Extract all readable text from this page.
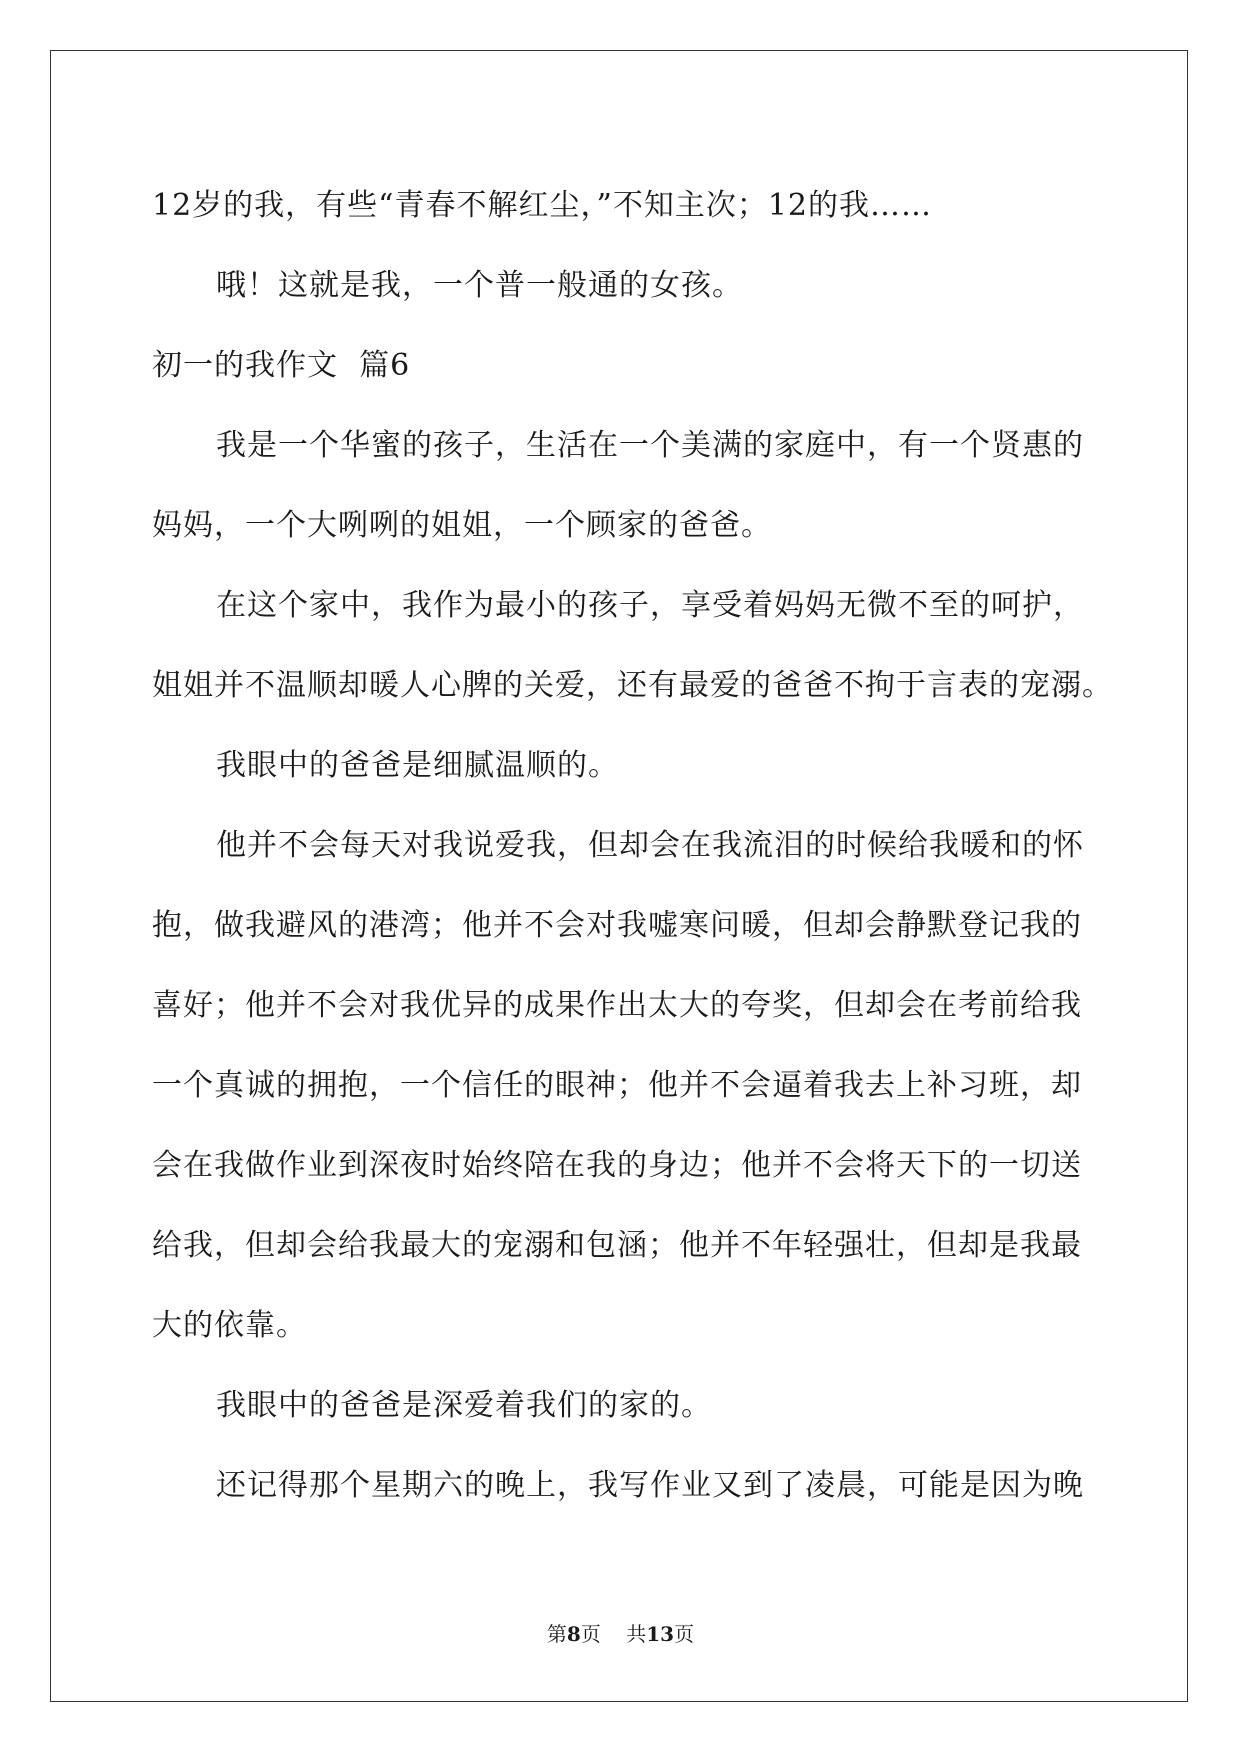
12岁的我，有些“青春不解红尘，”不知主次；12的我……
哦！这就是我，一个普一般通的女孩。
初一的我作文  篇6
我是一个华蜜的孩子，生活在一个美满的家庭中，有一个贤惠的
妈妈，一个大咧咧的姐姐，一个顾家的爸爸。
在这个家中，我作为最小的孩子，享受着妈妈无微不至的呵护，
姐姐并不温顺却暖人心脾的关爱，还有最爱的爸爸不拘于言表的宠溺。
我眼中的爸爸是细腻温顺的。
他并不会每天对我说爱我，但却会在我流泪的时候给我暖和的怀
抱，做我避风的港湾；他并不会对我嘘寒问暖，但却会静默登记我的
喜好；他并不会对我优异的成果作出太大的夸奖，但却会在考前给我
一个真诚的拥抱，一个信任的眼神；他并不会逼着我去上补习班，却
会在我做作业到深夜时始终陪在我的身边；他并不会将天下的一切送
给我，但却会给我最大的宠溺和包涵；他并不年轻强壮，但却是我最
大的依靠。
我眼中的爸爸是深爱着我们的家的。
还记得那个星期六的晚上，我写作业又到了凌晨，可能是因为晚
第8页    共13页
